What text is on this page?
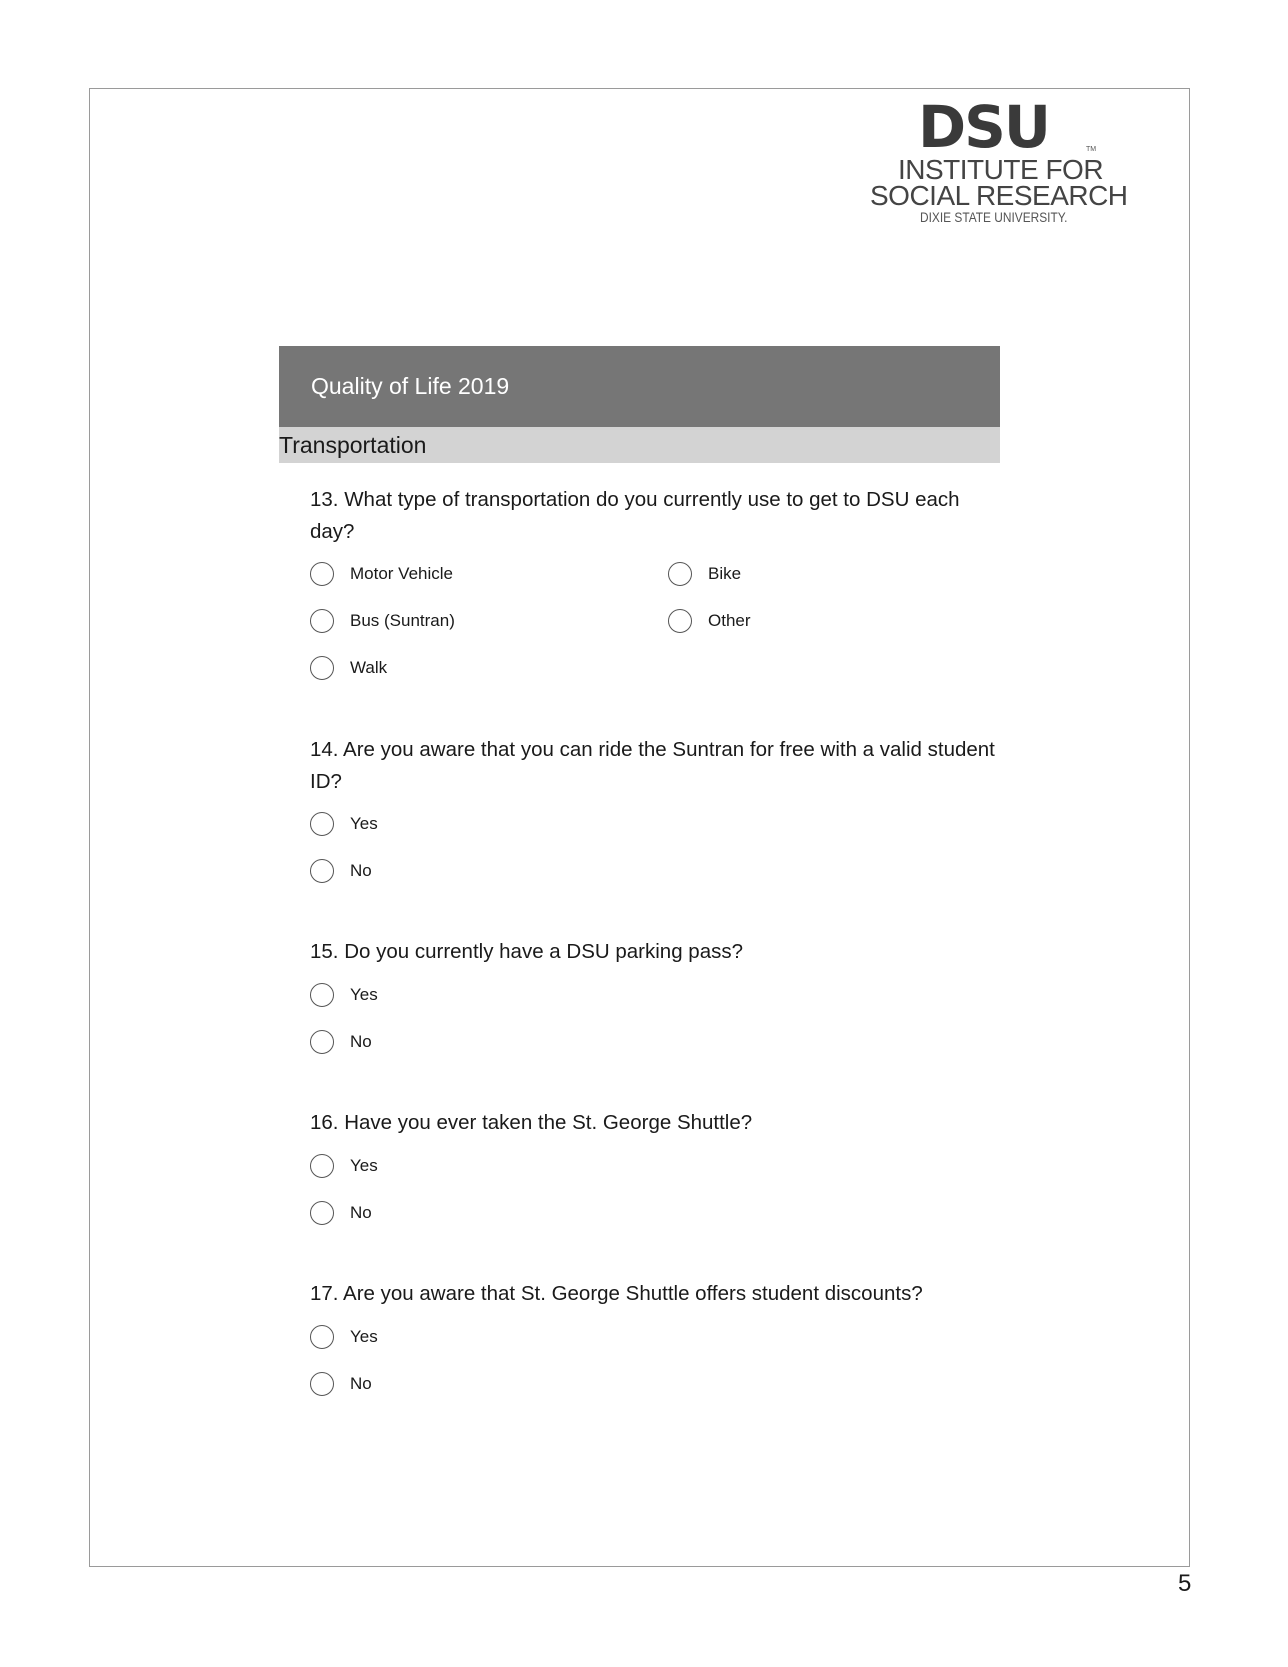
DSU	TM
INSTITUTE FOR
SOCIAL RESEARCH
DIXIE STATE UNIVERSITY.
Quality of Life 2019
Transportation
13. What type of transportation do you currently use to get to DSU each day?
Motor Vehicle	Bike
Bus (Suntran)	Other
Walk
14. Are you aware that you can ride the Suntran for free with a valid student ID?
Yes
No
15. Do you currently have a DSU parking pass?
Yes
No
16. Have you ever taken the St. George Shuttle?
Yes
No
17. Are you aware that St. George Shuttle offers student discounts?
Yes
No
5
